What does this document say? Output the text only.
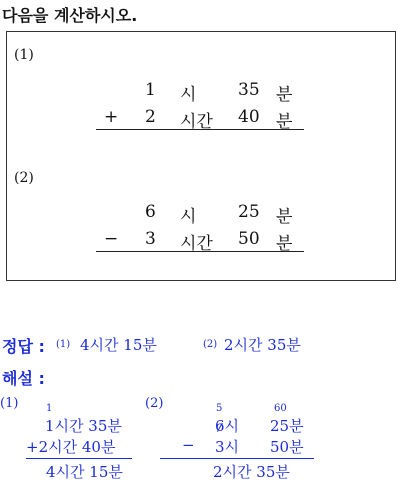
다음을 계산하시오.
(1)
1 시 35 분
+ 2 시간 40 분
(2)
6 시 25 분
− 3 시간 50 분
정답 : (1) 4시간 15분	(2) 2시간 35분
해설 :
(1)	1
1시간 35분
+2시간 40분
4시간 15분
(2)	5	60
6시 25분
− 3시 50분
2시간 35분
